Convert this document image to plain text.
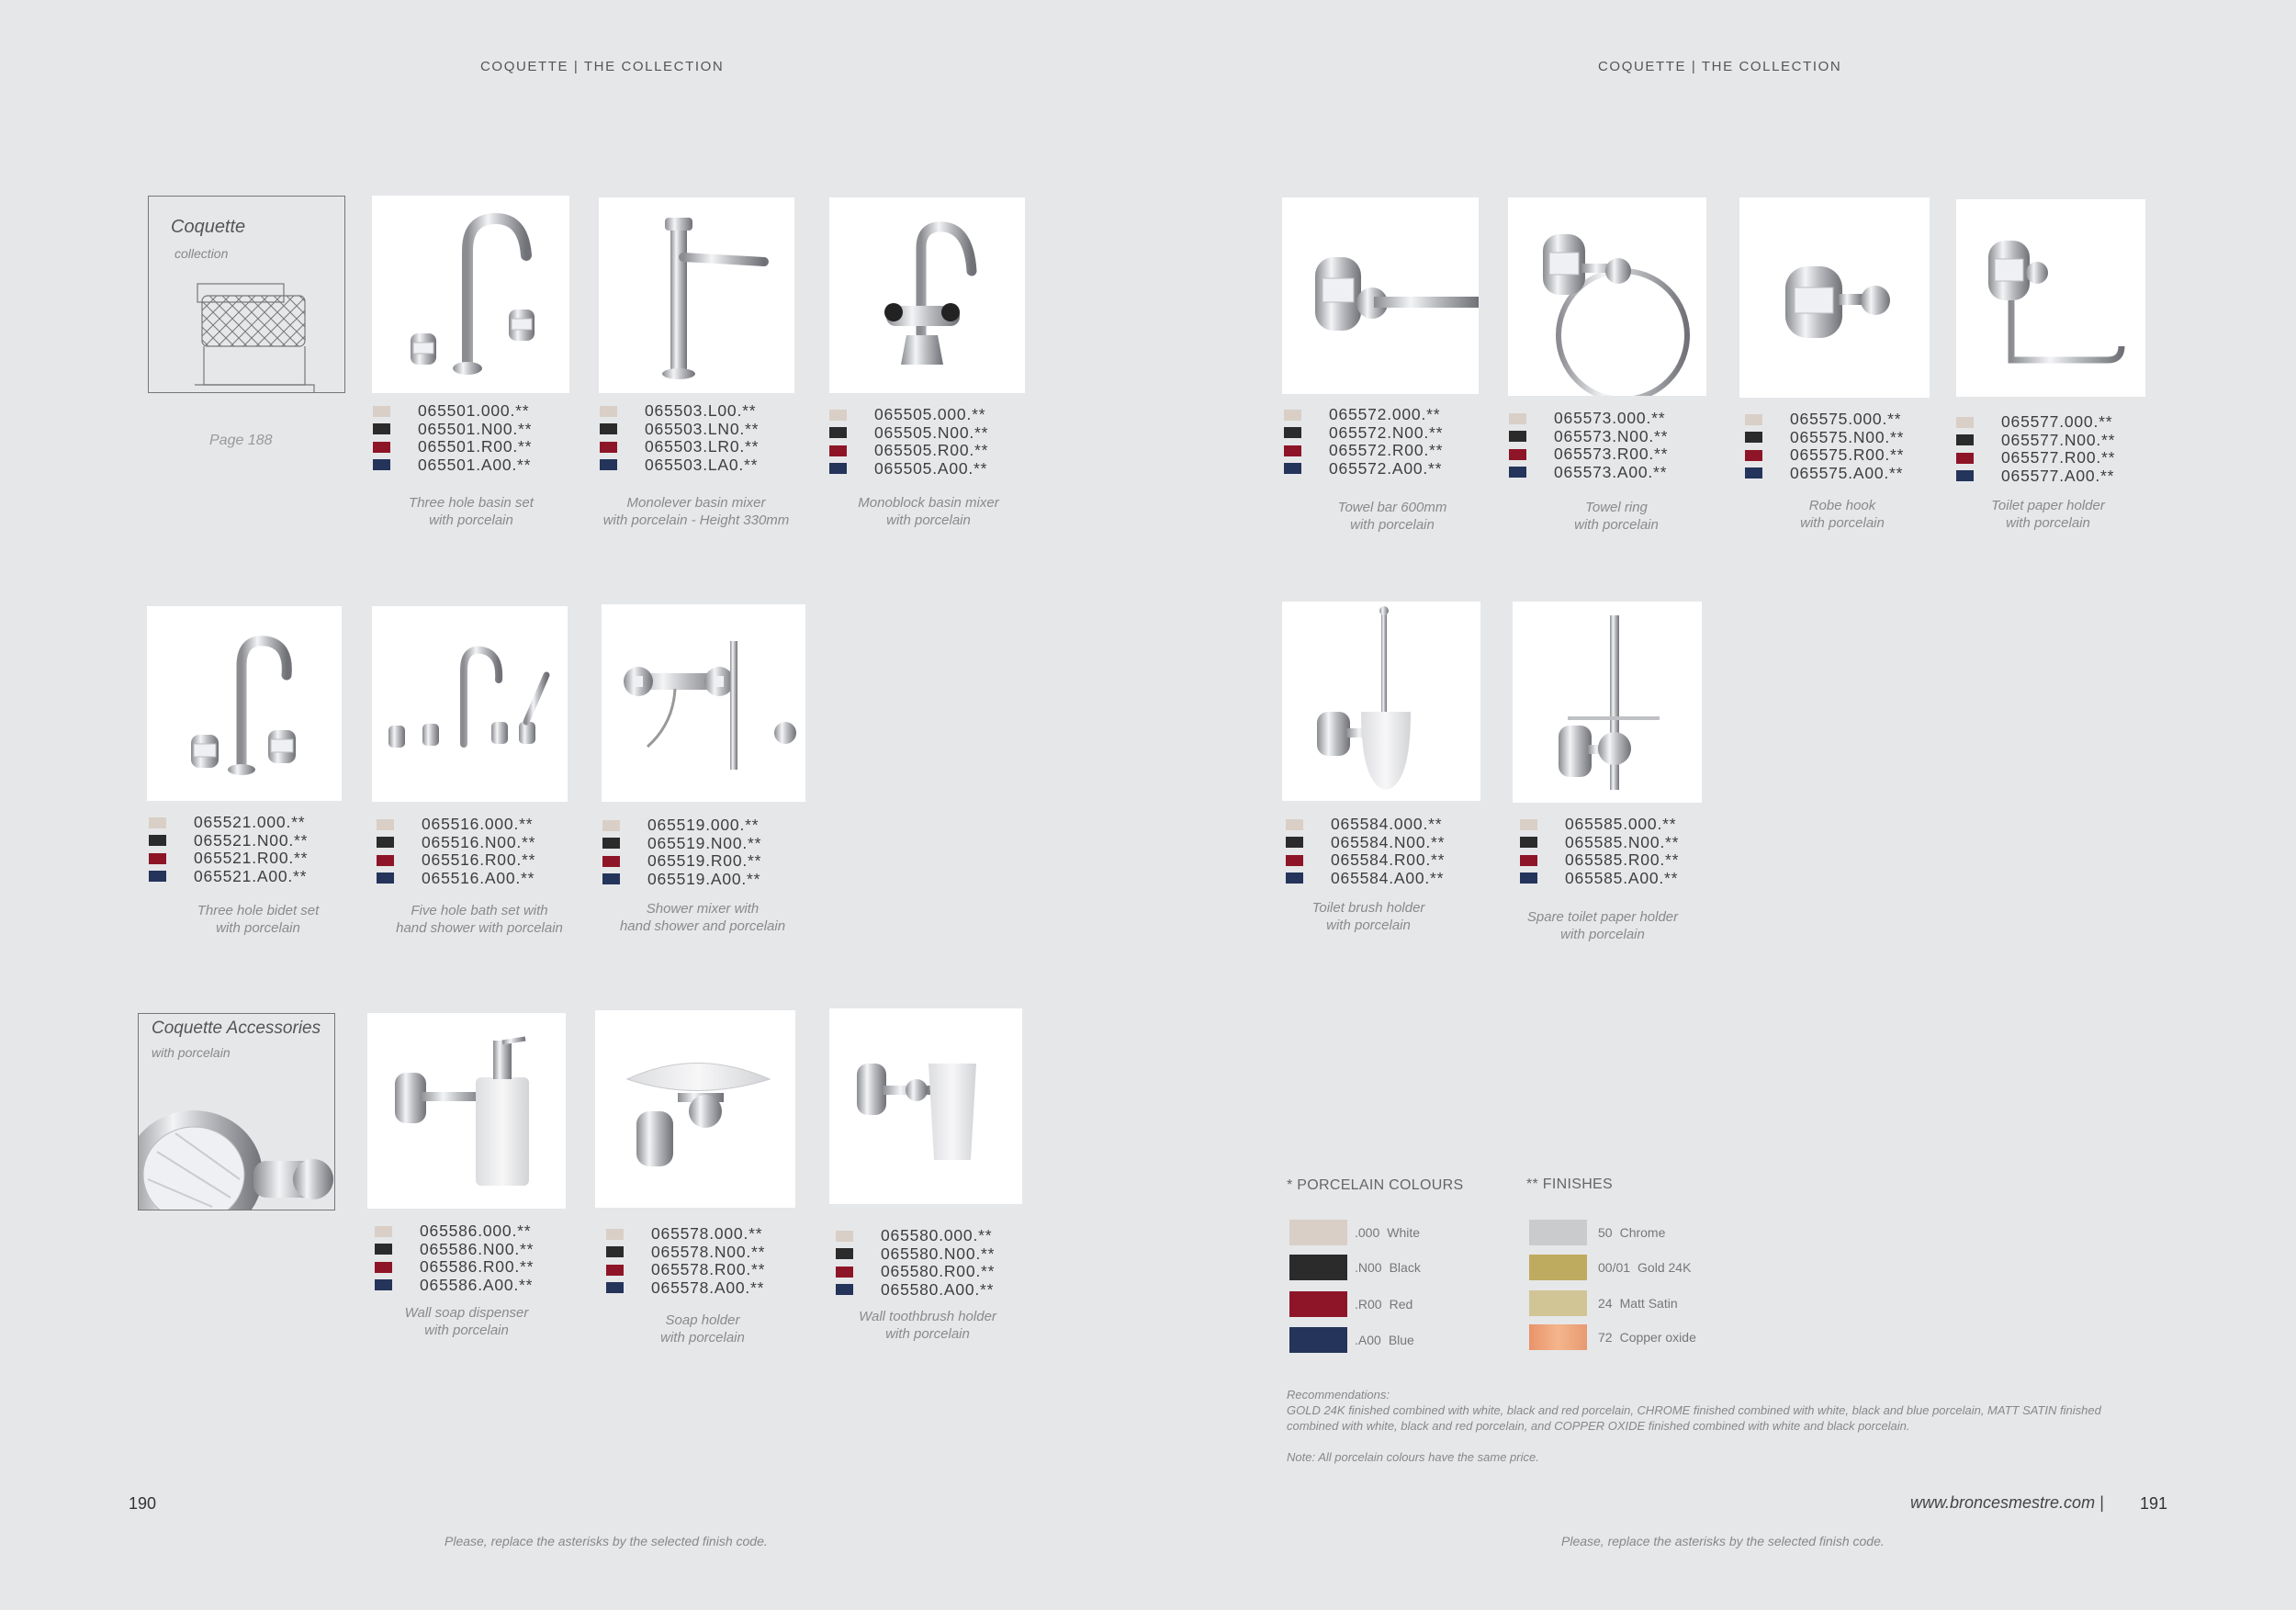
COQUETTE | THE COLLECTION	COQUETTE | THE COLLECTION
Coquette
collection
Page 188
Coquette Accessories
with porcelain
065501.000.**
065501.N00.**
065501.R00.**
065501.A00.**
Three hole basin set
with porcelain
065503.L00.**
065503.LN0.**
065503.LR0.**
065503.LA0.**
Monolever basin mixer
with porcelain - Height 330mm
065505.000.**
065505.N00.**
065505.R00.**
065505.A00.**
Monoblock basin mixer
with porcelain
065521.000.**
065521.N00.**
065521.R00.**
065521.A00.**
Three hole bidet set
with porcelain
065516.000.**
065516.N00.**
065516.R00.**
065516.A00.**
Five hole bath set with
hand shower with porcelain
065519.000.**
065519.N00.**
065519.R00.**
065519.A00.**
Shower mixer with
hand shower and porcelain
065586.000.**
065586.N00.**
065586.R00.**
065586.A00.**
Wall soap dispenser
with porcelain
065578.000.**
065578.N00.**
065578.R00.**
065578.A00.**
Soap holder
with porcelain
065580.000.**
065580.N00.**
065580.R00.**
065580.A00.**
Wall toothbrush holder
with porcelain
065572.000.**
065572.N00.**
065572.R00.**
065572.A00.**
Towel bar 600mm
with porcelain
065573.000.**
065573.N00.**
065573.R00.**
065573.A00.**
Towel ring
with porcelain
065575.000.**
065575.N00.**
065575.R00.**
065575.A00.**
Robe hook
with porcelain
065577.000.**
065577.N00.**
065577.R00.**
065577.A00.**
Toilet paper holder
with porcelain
065584.000.**
065584.N00.**
065584.R00.**
065584.A00.**
Toilet brush holder
with porcelain
065585.000.**
065585.N00.**
065585.R00.**
065585.A00.**
Spare toilet paper holder
with porcelain
* PORCELAIN COLOURS	** FINISHES
.000 White
.N00 Black
.R00 Red
.A00 Blue
50 Chrome
00/01 Gold 24K
24 Matt Satin
72 Copper oxide
Recommendations:
GOLD 24K finished combined with white, black and red porcelain, CHROME finished combined with white, black and blue porcelain, MATT SATIN finished
combined with white, black and red porcelain, and COPPER OXIDE finished combined with white and black porcelain.
Note: All porcelain colours have the same price.
190	191
www.broncesmestre.com |
Please, replace the asterisks by the selected finish code.	Please, replace the asterisks by the selected finish code.
